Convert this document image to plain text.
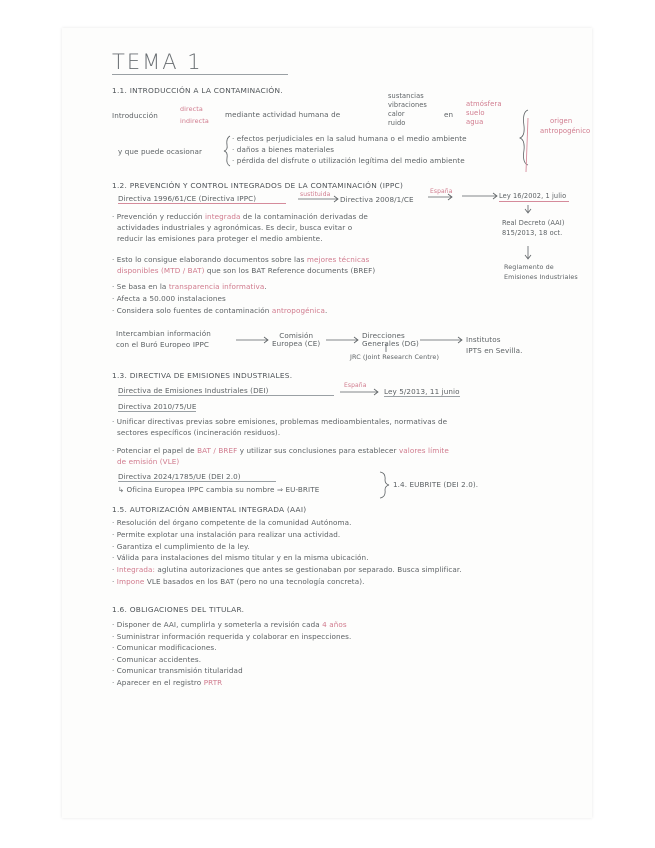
TEMA 1
1.1. INTRODUCCIÓN A LA CONTAMINACIÓN.
Introducción
directa
indirecta
mediante actividad humana de
sustancias
vibraciones
calor
ruido
en
atmósfera
suelo
agua	origen
antropogénico
y que puede ocasionar
· efectos perjudiciales en la salud humana o el medio ambiente
· daños a bienes materiales
· pérdida del disfrute o utilización legítima del medio ambiente
1.2. PREVENCIÓN Y CONTROL INTEGRADOS DE LA CONTAMINACIÓN (IPPC)
Directiva 1996/61/CE (Directiva IPPC)	sustituida
Directiva 2008/1/CE
España
Ley 16/2002, 1 julio
Real Decreto (AAI)
815/2013, 18 oct.
Reglamento de
Emisiones Industriales
· Prevención y reducción integrada de la contaminación derivadas de
actividades industriales y agronómicas. Es decir, busca evitar o
reducir las emisiones para proteger el medio ambiente.
· Esto lo consigue elaborando documentos sobre las mejores técnicas
disponibles (MTD / BAT) que son los BAT Reference documents (BREF)
· Se basa en la transparencia informativa.
· Afecta a 50.000 instalaciones
· Considera solo fuentes de contaminación antropogénica.
Intercambian información
con el Buró Europeo IPPC
Comisión
Europea (CE)
Direcciones
Generales (DG)
JRC (Joint Research Centre)
Institutos
IPTS en Sevilla.
1.3. DIRECTIVA DE EMISIONES INDUSTRIALES.
Directiva de Emisiones Industriales (DEI)
España
Ley 5/2013, 11 junio
Directiva 2010/75/UE
· Unificar directivas previas sobre emisiones, problemas medioambientales, normativas de
sectores específicos (incineración residuos).
· Potenciar el papel de BAT / BREF y utilizar sus conclusiones para establecer valores límite
de emisión (VLE)
Directiva 2024/1785/UE (DEI 2.0)
↳ Oficina Europea IPPC cambia su nombre ⇒ EU-BRITE
1.4. EUBRITE (DEI 2.0).
1.5. AUTORIZACIÓN AMBIENTAL INTEGRADA (AAI)
· Resolución del órgano competente de la comunidad Autónoma.
· Permite explotar una instalación para realizar una actividad.
· Garantiza el cumplimiento de la ley.
· Válida para instalaciones del mismo titular y en la misma ubicación.
· Integrada: aglutina autorizaciones que antes se gestionaban por separado. Busca simplificar.
· Impone VLE basados en los BAT (pero no una tecnología concreta).
1.6. OBLIGACIONES DEL TITULAR.
· Disponer de AAI, cumplirla y someterla a revisión cada 4 años
· Suministrar información requerida y colaborar en inspecciones.
· Comunicar modificaciones.
· Comunicar accidentes.
· Comunicar transmisión titularidad
· Aparecer en el registro PRTR
